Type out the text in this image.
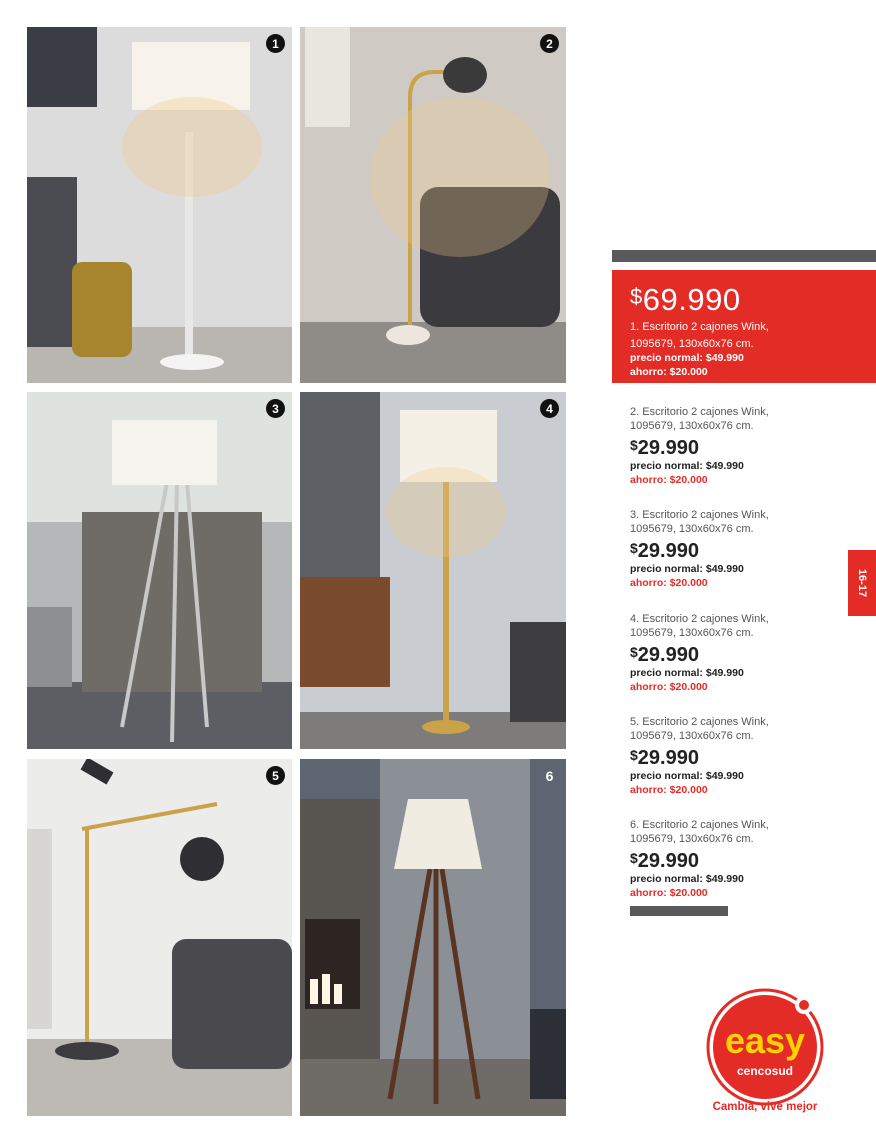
1	2
3	4
5	6
$69.990
1. Escritorio 2 cajones Wink,
1095679, 130x60x76 cm.
precio normal: $49.990
ahorro: $20.000
2. Escritorio 2 cajones Wink,
1095679, 130x60x76 cm.
$29.990
precio normal: $49.990
ahorro: $20.000
3. Escritorio 2 cajones Wink,
1095679, 130x60x76 cm.
$29.990
precio normal: $49.990
ahorro: $20.000
4. Escritorio 2 cajones Wink,
1095679, 130x60x76 cm.
$29.990
precio normal: $49.990
ahorro: $20.000
5. Escritorio 2 cajones Wink,
1095679, 130x60x76 cm.
$29.990
precio normal: $49.990
ahorro: $20.000
6. Escritorio 2 cajones Wink,
1095679, 130x60x76 cm.
$29.990
precio normal: $49.990
ahorro: $20.000
16-17
easy
cencosud
Cambia, vive mejor
